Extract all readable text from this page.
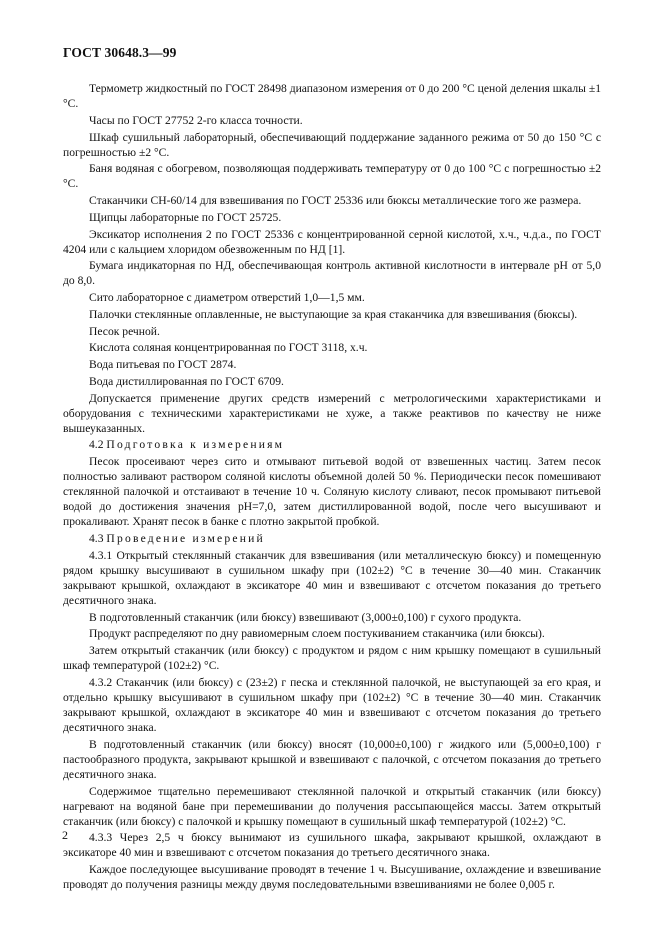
ГОСТ 30648.3—99

Термометр жидкостный по ГОСТ 28498 диапазоном измерения от 0 до 200 °С ценой деления шкалы ±1 °С.

Часы по ГОСТ 27752 2-го класса точности.

Шкаф сушильный лабораторный, обеспечивающий поддержание заданного режима от 50 до 150 °С с погрешностью ±2 °С.

Баня водяная с обогревом, позволяющая поддерживать температуру от 0 до 100 °С с погрешностью ±2 °С.

Стаканчики СН-60/14 для взвешивания по ГОСТ 25336 или бюксы металлические того же размера.

Щипцы лабораторные по ГОСТ 25725.

Эксикатор исполнения 2 по ГОСТ 25336 с концентрированной серной кислотой, х.ч., ч.д.а., по ГОСТ 4204 или с кальцием хлоридом обезвоженным по НД [1].

Бумага индикаторная по НД, обеспечивающая контроль активной кислотности в интервале рН от 5,0 до 8,0.

Сито лабораторное с диаметром отверстий 1,0—1,5 мм.

Палочки стеклянные оплавленные, не выступающие за края стаканчика для взвешивания (бюксы).

Песок речной.

Кислота соляная концентрированная по ГОСТ 3118, х.ч.

Вода питьевая по ГОСТ 2874.

Вода дистиллированная по ГОСТ 6709.

Допускается применение других средств измерений с метрологическими характеристиками и оборудования с техническими характеристиками не хуже, а также реактивов по качеству не ниже вышеуказанных.

4.2 Подготовка к измерениям

Песок просеивают через сито и отмывают питьевой водой от взвешенных частиц. Затем песок полностью заливают раствором соляной кислоты объемной долей 50 %. Периодически песок помешивают стеклянной палочкой и отстаивают в течение 10 ч. Соляную кислоту сливают, песок промывают питьевой водой до достижения значения рН=7,0, затем дистиллированной водой, после чего высушивают и прокаливают. Хранят песок в банке с плотно закрытой пробкой.

4.3 Проведение измерений

4.3.1 Открытый стеклянный стаканчик для взвешивания (или металлическую бюксу) и помещенную рядом крышку высушивают в сушильном шкафу при (102±2) °С в течение 30—40 мин. Стаканчик закрывают крышкой, охлаждают в эксикаторе 40 мин и взвешивают с отсчетом показания до третьего десятичного знака.

В подготовленный стаканчик (или бюксу) взвешивают (3,000±0,100) г сухого продукта.

Продукт распределяют по дну равиомерным слоем постукиванием стаканчика (или бюксы).

Затем открытый стаканчик (или бюксу) с продуктом и рядом с ним крышку помещают в сушильный шкаф температурой (102±2) °С.

4.3.2 Стаканчик (или бюксу) с (23±2) г песка и стеклянной палочкой, не выступающей за его края, и отдельно крышку высушивают в сушильном шкафу при (102±2) °С в течение 30—40 мин. Стаканчик закрывают крышкой, охлаждают в эксикаторе 40 мин и взвешивают с отсчетом показания до третьего десятичного знака.

В подготовленный стаканчик (или бюксу) вносят (10,000±0,100) г жидкого или (5,000±0,100) г пастообразного продукта, закрывают крышкой и взвешивают с палочкой, с отсчетом показания до третьего десятичного знака.

Содержимое тщательно перемешивают стеклянной палочкой и открытый стаканчик (или бюксу) нагревают на водяной бане при перемешивании до получения рассыпающейся массы. Затем открытый стаканчик (или бюксу) с палочкой и крышку помещают в сушильный шкаф температурой (102±2) °С.

4.3.3 Через 2,5 ч бюксу вынимают из сушильного шкафа, закрывают крышкой, охлаждают в эксикаторе 40 мин и взвешивают с отсчетом показания до третьего десятичного знака.

Каждое последующее высушивание проводят в течение 1 ч. Высушивание, охлаждение и взвешивание проводят до получения разницы между двумя последовательными взвешиваниями не более 0,005 г.

2
